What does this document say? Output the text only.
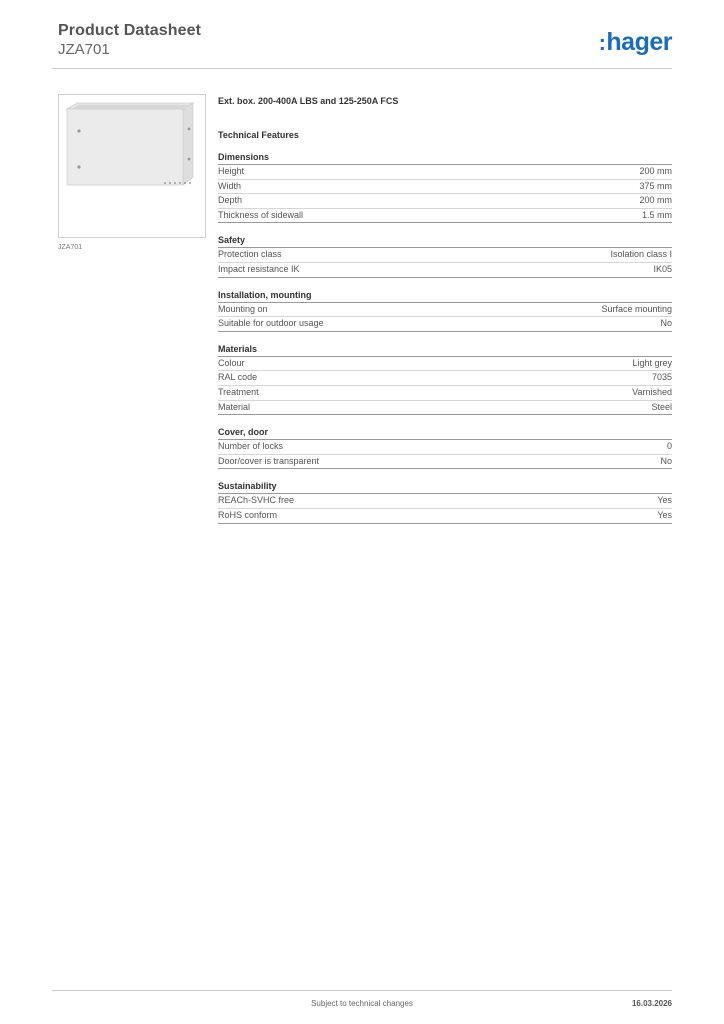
Product Datasheet
JZA701	:hager
JZA701
Ext. box. 200-400A LBS and 125-250A FCS
Technical Features
Dimensions
Height	200 mm
Width	375 mm
Depth	200 mm
Thickness of sidewall	1.5 mm
Safety
Protection class	Isolation class I
Impact resistance IK	IK05
Installation, mounting
Mounting on	Surface mounting
Suitable for outdoor usage	No
Materials
Colour	Light grey
RAL code	7035
Treatment	Varnished
Material	Steel
Cover, door
Number of locks	0
Door/cover is transparent	No
Sustainability
REACh-SVHC free	Yes
RoHS conform	Yes
Subject to technical changes	16.03.2026
